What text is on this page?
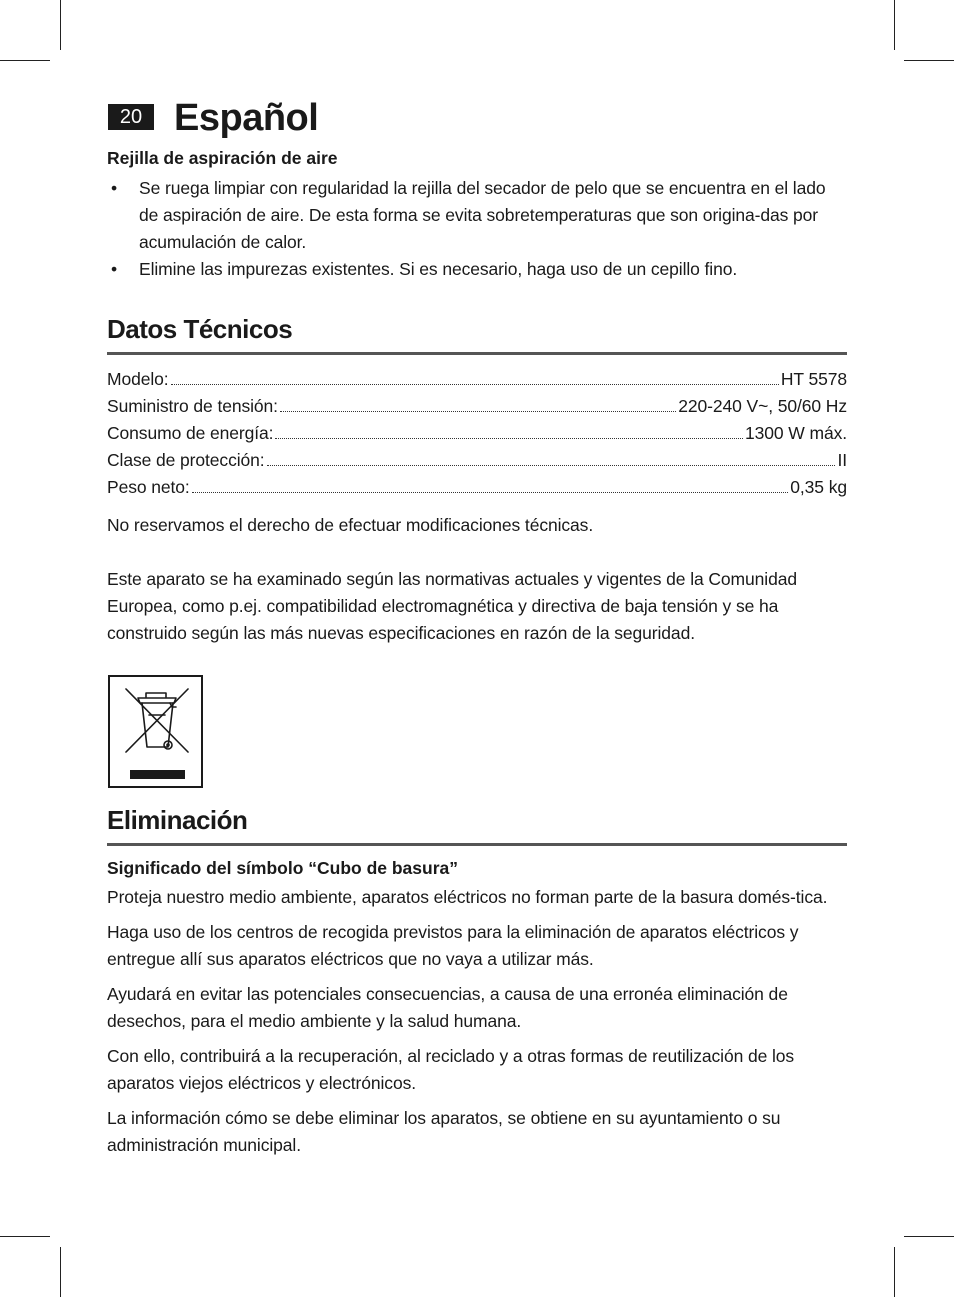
20 Español

Rejilla de aspiración de aire

• Se ruega limpiar con regularidad la rejilla del secador de pelo que se encuentra en el lado de aspiración de aire. De esta forma se evita sobretemperaturas que son origina-das por acumulación de calor.
• Elimine las impurezas existentes. Si es necesario, haga uso de un cepillo fino.
Datos Técnicos
Modelo:	HT 5578
Suministro de tensión:	220-240 V~, 50/60 Hz
Consumo de energía:	1300 W máx.
Clase de protección:	II
Peso neto:	0,35 kg

No reservamos el derecho de efectuar modificaciones técnicas.

Este aparato se ha examinado según las normativas actuales y vigentes de la Comunidad Europea, como p.ej. compatibilidad electromagnética y directiva de baja tensión y se ha construido según las más nuevas especificaciones en razón de la seguridad.

Eliminación

Significado del símbolo “Cubo de basura”

Proteja nuestro medio ambiente, aparatos eléctricos no forman parte de la basura domés-tica.

Haga uso de los centros de recogida previstos para la eliminación de aparatos eléctricos y entregue allí sus aparatos eléctricos que no vaya a utilizar más.

Ayudará en evitar las potenciales consecuencias, a causa de una erronéa eliminación de desechos, para el medio ambiente y la salud humana.

Con ello, contribuirá a la recuperación, al reciclado y a otras formas de reutilización de los aparatos viejos eléctricos y electrónicos.

La información cómo se debe eliminar los aparatos, se obtiene en su ayuntamiento o su administración municipal.
